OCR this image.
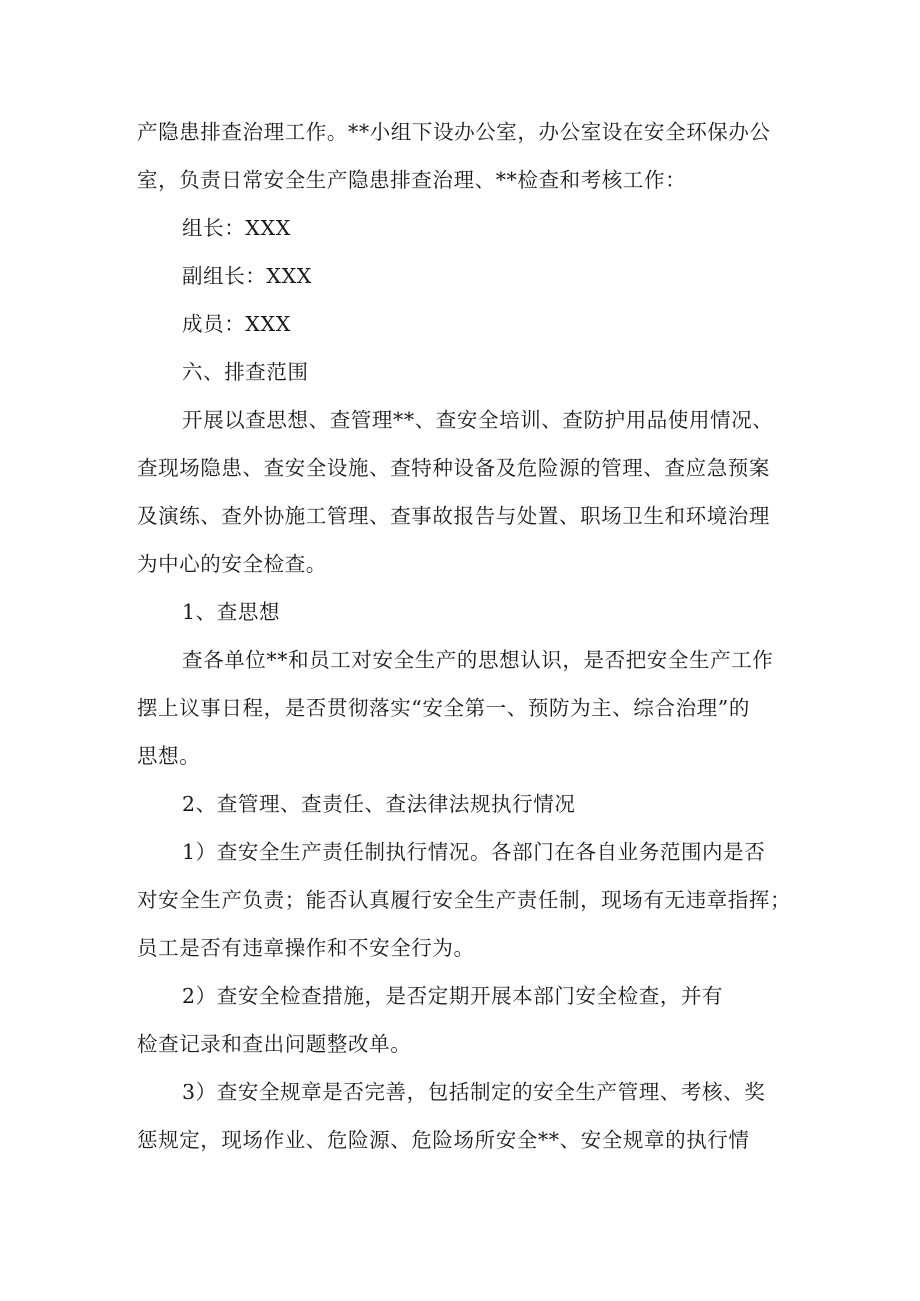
产隐患排查治理工作。**小组下设办公室，办公室设在安全环保办公

室，负责日常安全生产隐患排查治理、**检查和考核工作：

组长：XXX

副组长：XXX

成员：XXX

六、排查范围

开展以查思想、查管理**、查安全培训、查防护用品使用情况、

查现场隐患、查安全设施、查特种设备及危险源的管理、查应急预案

及演练、查外协施工管理、查事故报告与处置、职场卫生和环境治理

为中心的安全检查。

1、查思想

查各单位**和员工对安全生产的思想认识，是否把安全生产工作

摆上议事日程，是否贯彻落实“安全第一、预防为主、综合治理”的

思想。

2、查管理、查责任、查法律法规执行情况

1）查安全生产责任制执行情况。各部门在各自业务范围内是否

对安全生产负责；能否认真履行安全生产责任制，现场有无违章指挥；

员工是否有违章操作和不安全行为。

2）查安全检查措施，是否定期开展本部门安全检查，并有

检查记录和查出问题整改单。

3）查安全规章是否完善，包括制定的安全生产管理、考核、奖

惩规定，现场作业、危险源、危险场所安全**、安全规章的执行情
